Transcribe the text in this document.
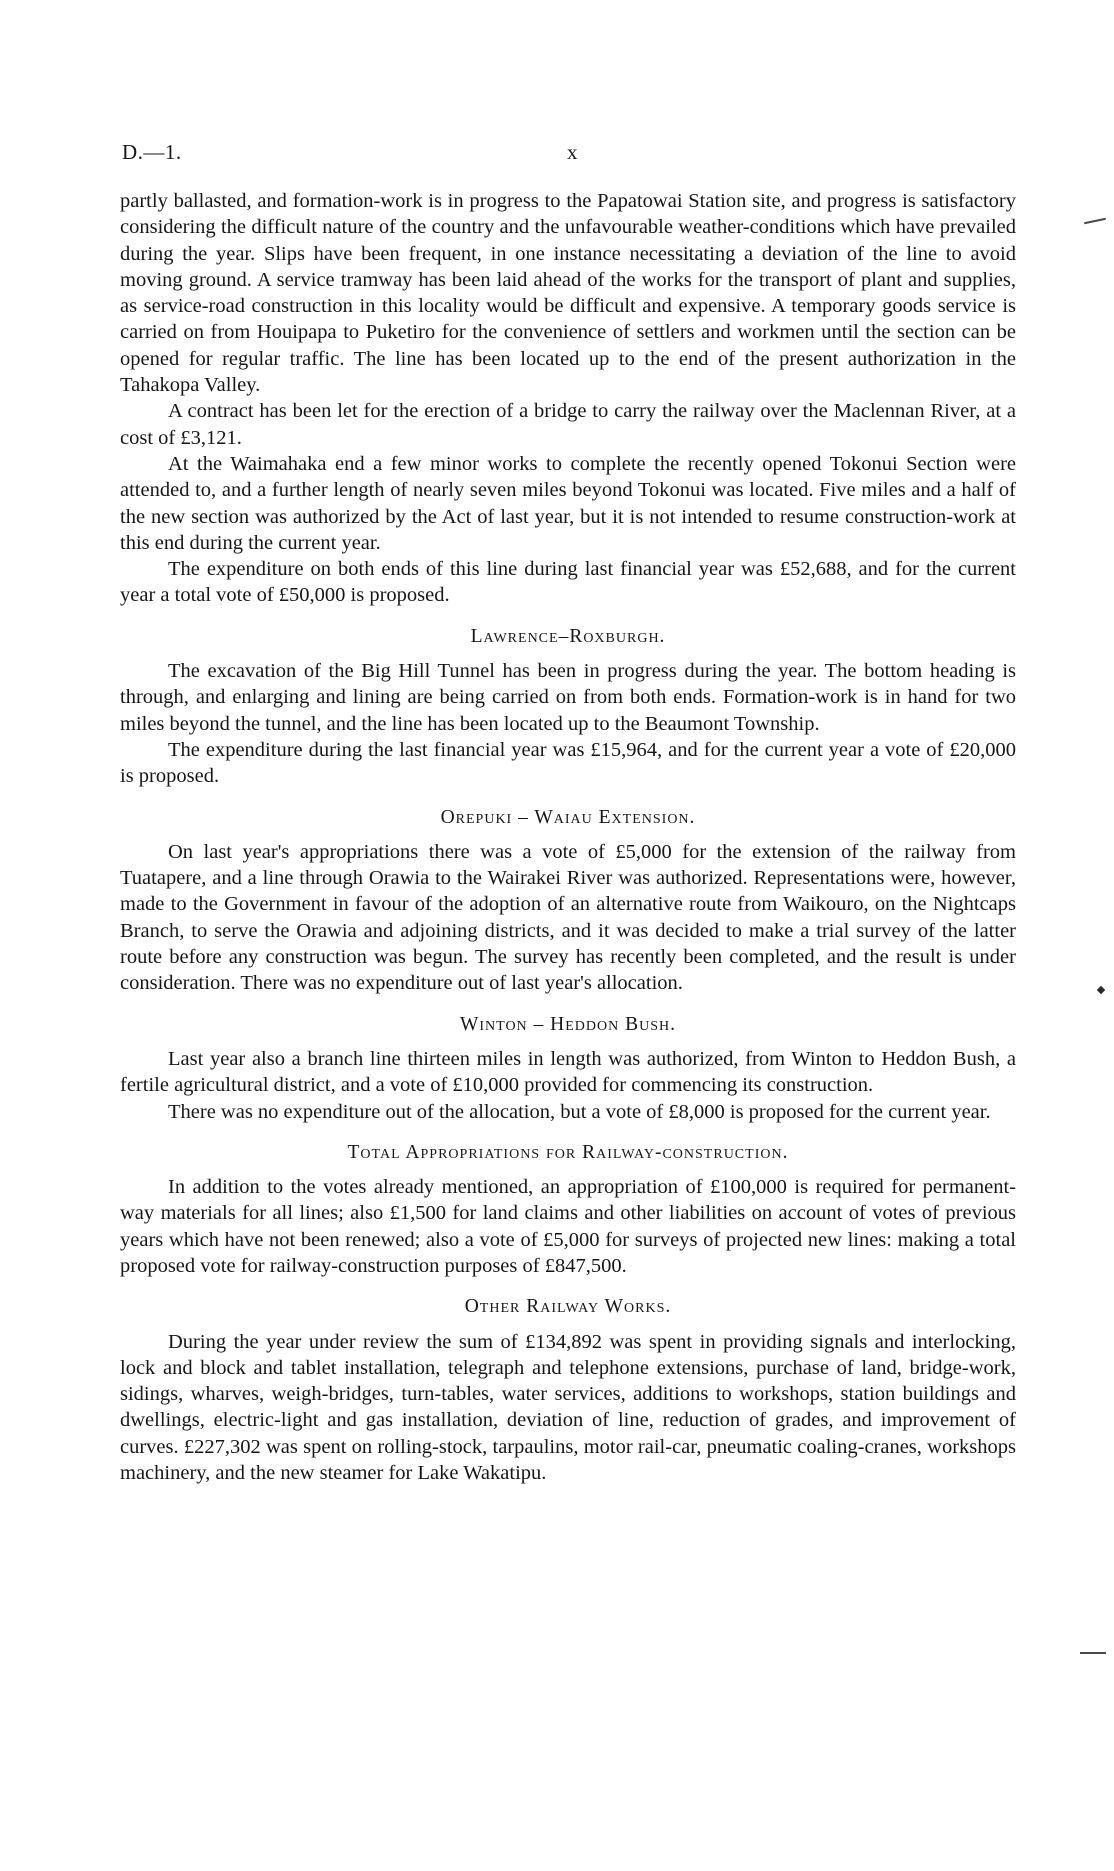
D.—1.	x

partly ballasted, and formation-work is in progress to the Papatowai Station site, and progress is satisfactory considering the difficult nature of the country and the unfavourable weather-conditions which have prevailed during the year. Slips have been frequent, in one instance necessitating a deviation of the line to avoid moving ground. A service tramway has been laid ahead of the works for the transport of plant and supplies, as service-road construction in this locality would be difficult and expensive. A temporary goods service is carried on from Houipapa to Puketiro for the convenience of settlers and workmen until the section can be opened for regular traffic. The line has been located up to the end of the present authorization in the Tahakopa Valley.

A contract has been let for the erection of a bridge to carry the railway over the Maclennan River, at a cost of £3,121.

At the Waimahaka end a few minor works to complete the recently opened Tokonui Section were attended to, and a further length of nearly seven miles beyond Tokonui was located. Five miles and a half of the new section was authorized by the Act of last year, but it is not intended to resume construction-work at this end during the current year.

The expenditure on both ends of this line during last financial year was £52,688, and for the current year a total vote of £50,000 is proposed.

Lawrence–Roxburgh.

The excavation of the Big Hill Tunnel has been in progress during the year. The bottom heading is through, and enlarging and lining are being carried on from both ends. Formation-work is in hand for two miles beyond the tunnel, and the line has been located up to the Beaumont Township.

The expenditure during the last financial year was £15,964, and for the current year a vote of £20,000 is proposed.

Orepuki – Waiau Extension.

On last year's appropriations there was a vote of £5,000 for the extension of the railway from Tuatapere, and a line through Orawia to the Wairakei River was authorized. Representations were, however, made to the Government in favour of the adoption of an alternative route from Waikouro, on the Nightcaps Branch, to serve the Orawia and adjoining districts, and it was decided to make a trial survey of the latter route before any construction was begun. The survey has recently been completed, and the result is under consideration. There was no expenditure out of last year's allocation.

Winton – Heddon Bush.

Last year also a branch line thirteen miles in length was authorized, from Winton to Heddon Bush, a fertile agricultural district, and a vote of £10,000 provided for commencing its construction.

There was no expenditure out of the allocation, but a vote of £8,000 is proposed for the current year.

Total Appropriations for Railway-construction.

In addition to the votes already mentioned, an appropriation of £100,000 is required for permanent-way materials for all lines; also £1,500 for land claims and other liabilities on account of votes of previous years which have not been renewed; also a vote of £5,000 for surveys of projected new lines: making a total proposed vote for railway-construction purposes of £847,500.

Other Railway Works.

During the year under review the sum of £134,892 was spent in providing signals and interlocking, lock and block and tablet installation, telegraph and telephone extensions, purchase of land, bridge-work, sidings, wharves, weigh-bridges, turn-tables, water services, additions to workshops, station buildings and dwellings, electric-light and gas installation, deviation of line, reduction of grades, and improvement of curves. £227,302 was spent on rolling-stock, tarpaulins, motor rail-car, pneumatic coaling-cranes, workshops machinery, and the new steamer for Lake Wakatipu.
